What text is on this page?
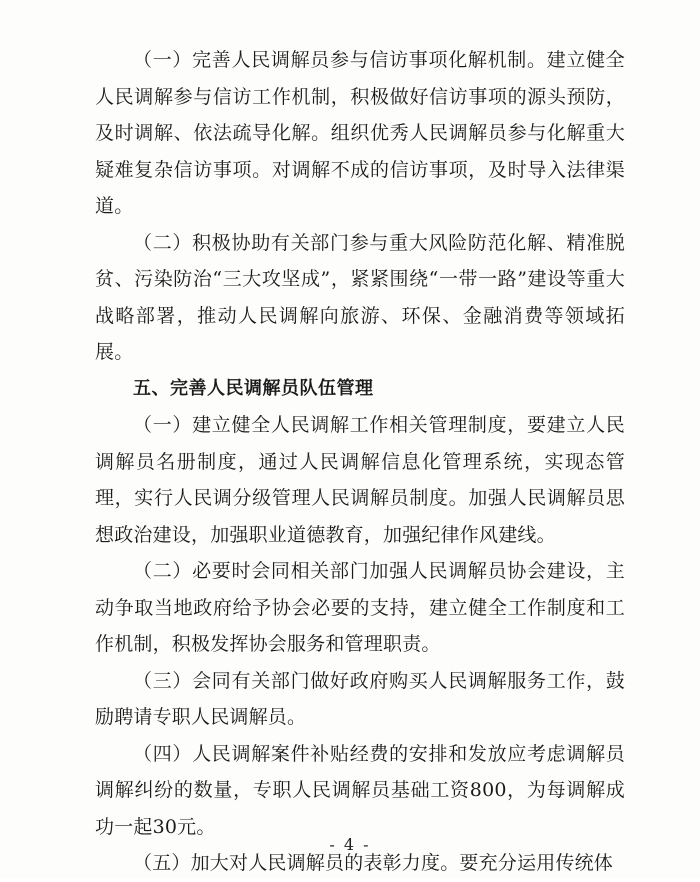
（一）完善人民调解员参与信访事项化解机制。建立健全人民调解参与信访工作机制，积极做好信访事项的源头预防，及时调解、依法疏导化解。组织优秀人民调解员参与化解重大疑难复杂信访事项。对调解不成的信访事项，及时导入法律渠道。

（二）积极协助有关部门参与重大风险防范化解、精准脱贫、污染防治“三大攻坚成”，紧紧围绕“一带一路”建设等重大战略部署，推动人民调解向旅游、环保、金融消费等领域拓展。

五、完善人民调解员队伍管理

（一）建立健全人民调解工作相关管理制度，要建立人民调解员名册制度，通过人民调解信息化管理系统，实现态管理，实行人民调分级管理人民调解员制度。加强人民调解员思想政治建设，加强职业道德教育，加强纪律作风建线。

（二）必要时会同相关部门加强人民调解员协会建设，主动争取当地政府给予协会必要的支持，建立健全工作制度和工作机制，积极发挥协会服务和管理职责。

（三）会同有关部门做好政府购买人民调解服务工作，鼓励聘请专职人民调解员。

（四）人民调解案件补贴经费的安排和发放应考虑调解员调解纠纷的数量，专职人民调解员基础工资800，为每调解成功一起30元。

（五）加大对人民调解员的表彰力度。要充分运用传统体

- 4 -
